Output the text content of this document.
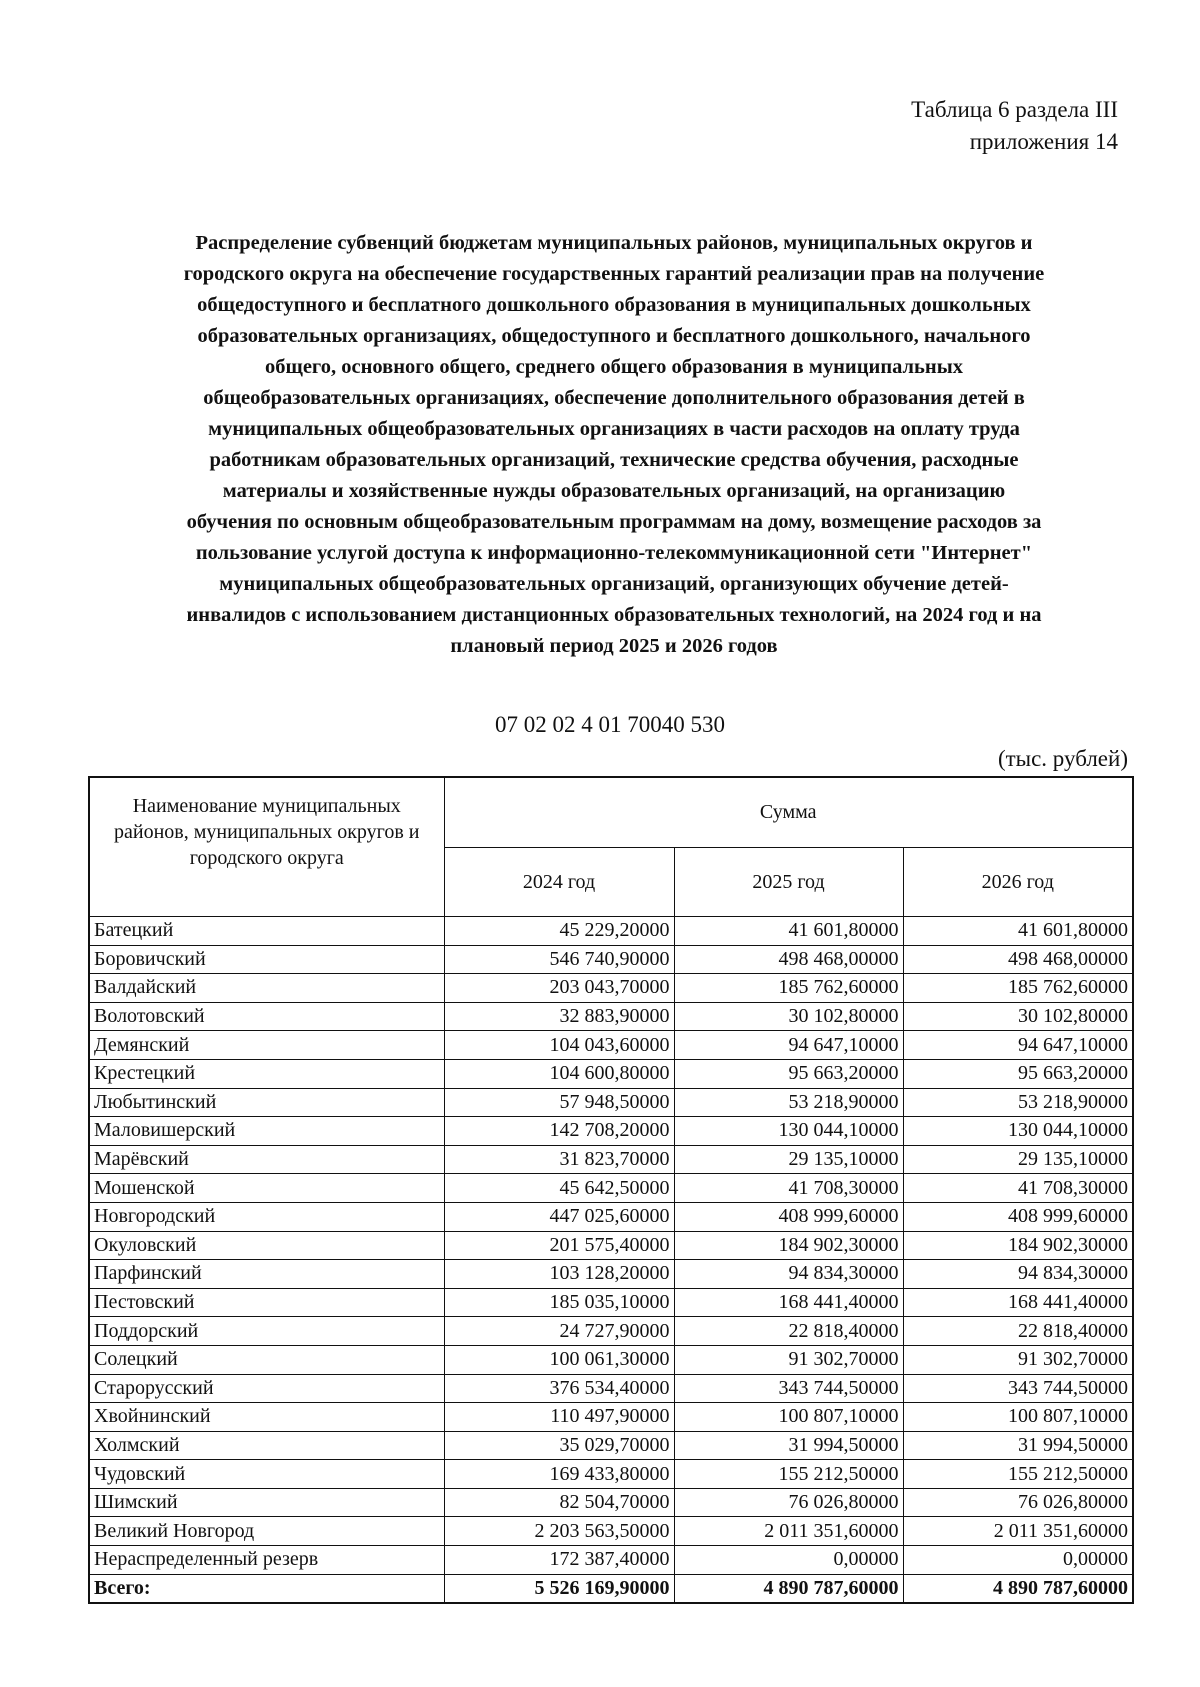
Таблица 6 раздела III
приложения 14
Распределение субвенций бюджетам муниципальных районов, муниципальных округов и
городского округа на обеспечение государственных гарантий реализации прав на получение
общедоступного и бесплатного дошкольного образования в муниципальных дошкольных
образовательных организациях, общедоступного и бесплатного дошкольного, начального
общего, основного общего, среднего общего образования в муниципальных
общеобразовательных организациях, обеспечение дополнительного образования детей в
муниципальных общеобразовательных организациях в части расходов на оплату труда
работникам образовательных организаций, технические средства обучения, расходные
материалы и хозяйственные нужды образовательных организаций, на организацию
обучения по основным общеобразовательным программам на дому, возмещение расходов за
пользование услугой доступа к информационно-телекоммуникационной сети "Интернет"
муниципальных общеобразовательных организаций, организующих обучение детей-
инвалидов с использованием дистанционных образовательных технологий, на 2024 год и на
плановый период 2025 и 2026 годов
07 02 02 4 01 70040 530
(тыс. рублей)
Наименование муниципальных районов, муниципальных округов и городского округа	Сумма		
	2024 год	2025 год	2026 год
Батецкий	45 229,20000	41 601,80000	41 601,80000
Боровичский	546 740,90000	498 468,00000	498 468,00000
Валдайский	203 043,70000	185 762,60000	185 762,60000
Волотовский	32 883,90000	30 102,80000	30 102,80000
Демянский	104 043,60000	94 647,10000	94 647,10000
Крестецкий	104 600,80000	95 663,20000	95 663,20000
Любытинский	57 948,50000	53 218,90000	53 218,90000
Маловишерский	142 708,20000	130 044,10000	130 044,10000
Марёвский	31 823,70000	29 135,10000	29 135,10000
Мошенской	45 642,50000	41 708,30000	41 708,30000
Новгородский	447 025,60000	408 999,60000	408 999,60000
Окуловский	201 575,40000	184 902,30000	184 902,30000
Парфинский	103 128,20000	94 834,30000	94 834,30000
Пестовский	185 035,10000	168 441,40000	168 441,40000
Поддорский	24 727,90000	22 818,40000	22 818,40000
Солецкий	100 061,30000	91 302,70000	91 302,70000
Старорусский	376 534,40000	343 744,50000	343 744,50000
Хвойнинский	110 497,90000	100 807,10000	100 807,10000
Холмский	35 029,70000	31 994,50000	31 994,50000
Чудовский	169 433,80000	155 212,50000	155 212,50000
Шимский	82 504,70000	76 026,80000	76 026,80000
Великий Новгород	2 203 563,50000	2 011 351,60000	2 011 351,60000
Нераспределенный резерв	172 387,40000	0,00000	0,00000
Всего:	5 526 169,90000	4 890 787,60000	4 890 787,60000
